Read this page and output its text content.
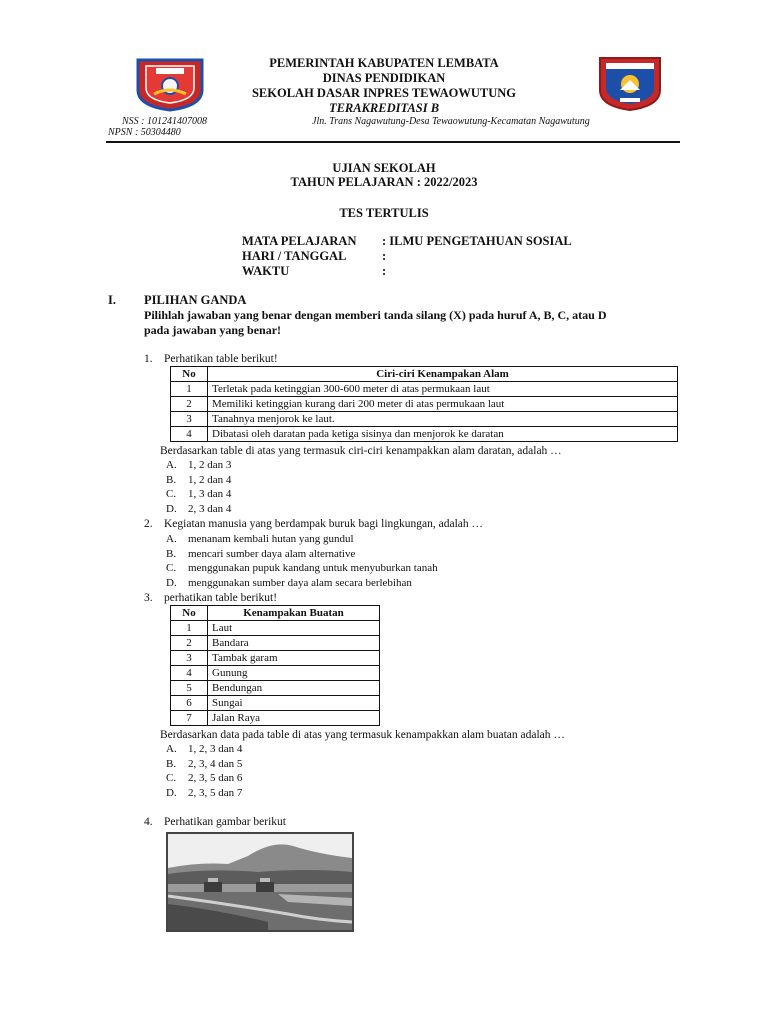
PEMERINTAH KABUPATEN LEMBATA
DINAS PENDIDIKAN
SEKOLAH DASAR INPRES TEWAOWUTUNG
TERAKREDITASI B
NSS : 101241407008	Jln. Trans Nagawutung-Desa Tewaowutung-Kecamatan Nagawutung
NPSN : 50304480
UJIAN SEKOLAH
TAHUN PELAJARAN : 2022/2023
TES TERTULIS
MATA PELAJARAN : ILMU PENGETAHUAN SOSIAL
HARI / TANGGAL	:
WAKTU	:
I. PILIHAN GANDA
Pilihlah jawaban yang benar dengan memberi tanda silang (X) pada huruf A, B, C, atau D
pada jawaban yang benar!
1. Perhatikan table berikut!
No	Ciri-ciri Kenampakan Alam
1	Terletak pada ketinggian 300-600 meter di atas permukaan laut
2	Memiliki ketinggian kurang dari 200 meter di atas permukaan laut
3	Tanahnya menjorok ke laut.
4	Dibatasi oleh daratan pada ketiga sisinya dan menjorok ke daratan
Berdasarkan table di atas yang termasuk ciri-ciri kenampakkan alam daratan, adalah …
A. 1, 2 dan 3
B. 1, 2 dan 4
C. 1, 3 dan 4
D. 2, 3 dan 4
2. Kegiatan manusia yang berdampak buruk bagi lingkungan, adalah …
A. menanam kembali hutan yang gundul
B. mencari sumber daya alam alternative
C. menggunakan pupuk kandang untuk menyuburkan tanah
D. menggunakan sumber daya alam secara berlebihan
3. perhatikan table berikut!
No	Kenampakan Buatan
1	Laut
2	Bandara
3	Tambak garam
4	Gunung
5	Bendungan
6	Sungai
7	Jalan Raya
Berdasarkan data pada table di atas yang termasuk kenampakkan alam buatan adalah …
A. 1, 2, 3 dan 4
B. 2, 3, 4 dan 5
C. 2, 3, 5 dan 6
D. 2, 3, 5 dan 7
4. Perhatikan gambar berikut
